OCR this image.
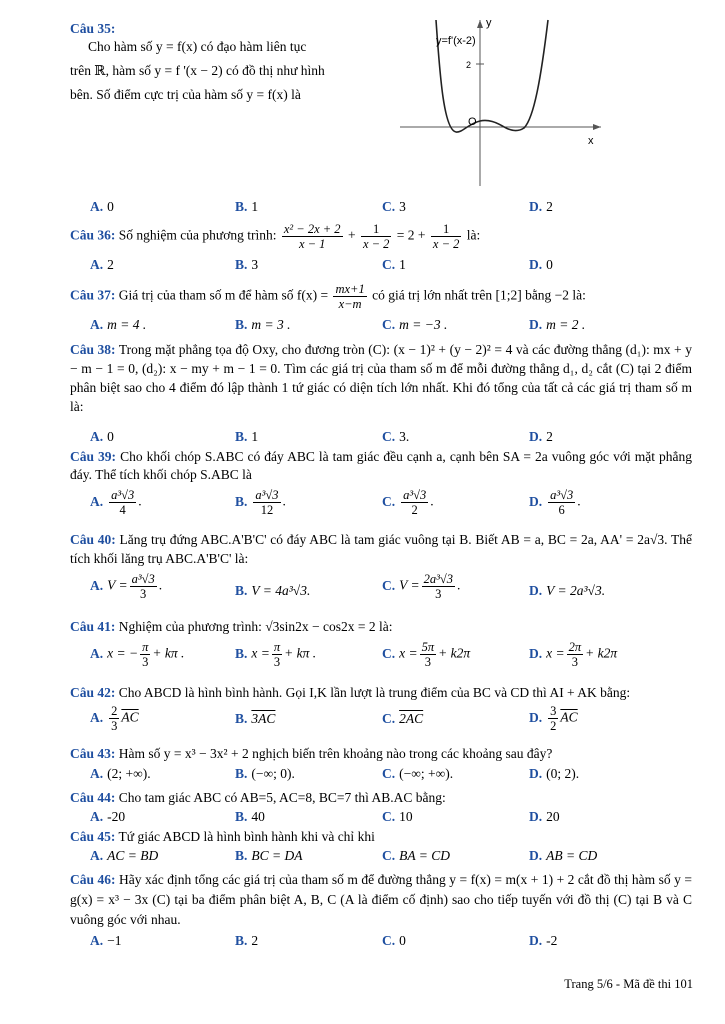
Câu 35:
Cho hàm số y = f(x) có đạo hàm liên tục
trên ℝ, hàm số y = f '(x − 2) có đồ thị như hình
bên. Số điểm cực trị của hàm số y = f(x) là
y=f'(x-2)
2
O
x
y
A. 0	B. 1	C. 3	D. 2
Câu 36: Số nghiệm của phương trình: $\frac{\text{x² − 2x + 2}}{x - 1} + \frac{1}{x - 2} = 2 + \frac{1}{x - 2}$ là:
A. 2	B. 3	C. 1	D. 0
Câu 37: Giá trị của tham số m để hàm số $f(x) = \frac{mx+1}{x-m}$ có giá trị lớn nhất trên [1;2] bằng −2 là:
A. m = 4 .	B. m = 3 .	C. m = −3 .	D. m = 2 .
Câu 38: Trong mặt phẳng tọa độ Oxy, cho đương tròn (C): (x − 1)² + (y − 2)² = 4 và các đường thẳng (d₁): mx + y − m − 1 = 0, (d₂): x − my + m − 1 = 0. Tìm các giá trị của tham số m để mỗi đường thẳng d₁, d₂ cắt (C) tại 2 điểm phân biệt sao cho 4 điểm đó lập thành 1 tứ giác có diện tích lớn nhất. Khi đó tổng của tất cả các giá trị tham số m là:
A. 0	B. 1	C. 3.	D. 2
Câu 39: Cho khối chóp S.ABC có đáy ABC là tam giác đều cạnh a, cạnh bên SA = 2a vuông góc với mặt phẳng đáy. Thể tích khối chóp S.ABC là
A. $\frac{\text{a³√3}}{4}$ .	B. $\frac{\text{a³√3}}{12}$ .	C. $\frac{\text{a³√3}}{2}$ .	D. $\frac{\text{a³√3}}{6}$ .
Câu 40: Lăng trụ đứng ABC.A'B'C' có đáy ABC là tam giác vuông tại B. Biết AB = a, BC = 2a, AA' = 2a√3. Thể tích khối lăng trụ ABC.A'B'C' là:
A. $V = \frac{\text{a³√3}}{3}$ .	B. V = 4a³√3.	C. $V = \frac{\text{2a³√3}}{3}$ .	D. V = 2a³√3.
Câu 41: Nghiệm của phương trình: √3sin2x − cos2x = 2 là:
A. x = − $\frac{\pi}{3} + k\pi$ .	B. $x = \frac{\pi}{3} + k\pi$ .	C. $x = \frac{5\pi}{3} + k2\pi$	D. $x = \frac{2\pi}{3} + k2\pi$
Câu 42: Cho ABCD là hình bình hành. Gọi I,K lần lượt là trung điểm của BC và CD thì AI + AK bằng:
A. $\frac{2}{3} \overline{AC}$	B. 3AC	C. 2AC	D. $\frac{3}{2} \overline{AC}$
Câu 43: Hàm số y = x³ − 3x² + 2 nghịch biến trên khoảng nào trong các khoảng sau đây?
A. (2; +∞).	B. (−∞; 0).	C. (−∞; +∞).	D. (0; 2).
Câu 44: Cho tam giác ABC có AB=5, AC=8, BC=7 thì AB.AC bằng:
A. -20	B. 40	C. 10	D. 20
Câu 45: Tứ giác ABCD là hình bình hành khi và chỉ khi
A. AC = BD	B. BC = DA	C. BA = CD	D. AB = CD
Câu 46: Hãy xác định tổng các giá trị của tham số m để đường thẳng y = f(x) = m(x + 1) + 2 cắt đồ thị hàm số y = g(x) = x³ − 3x (C) tại ba điểm phân biệt A, B, C (A là điểm cố định) sao cho tiếp tuyến với đồ thị (C) tại B và C vuông góc với nhau.
A. −1	B. 2	C. 0	D. -2
Trang 5/6 - Mã đề thi 101
